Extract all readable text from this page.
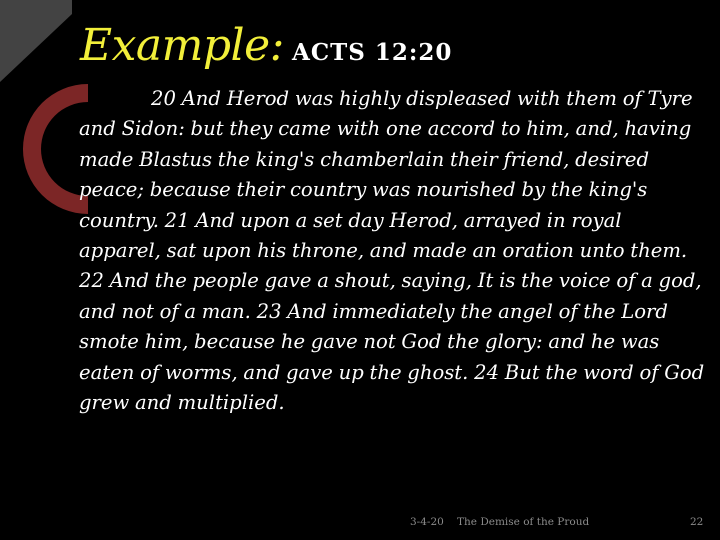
Example: ACTS 12:20
20 And Herod was highly displeased with them of Tyre and Sidon: but they came with one accord to him, and, having made Blastus the king's chamberlain their friend, desired peace; because their country was nourished by the king's country. 21 And upon a set day Herod, arrayed in royal apparel, sat upon his throne, and made an oration unto them. 22 And the people gave a shout, saying, It is the voice of a god, and not of a man. 23 And immediately the angel of the Lord smote him, because he gave not God the glory: and he was eaten of worms, and gave up the ghost. 24 But the word of God grew and multiplied.
3-4-20 The Demise of the Proud	22
